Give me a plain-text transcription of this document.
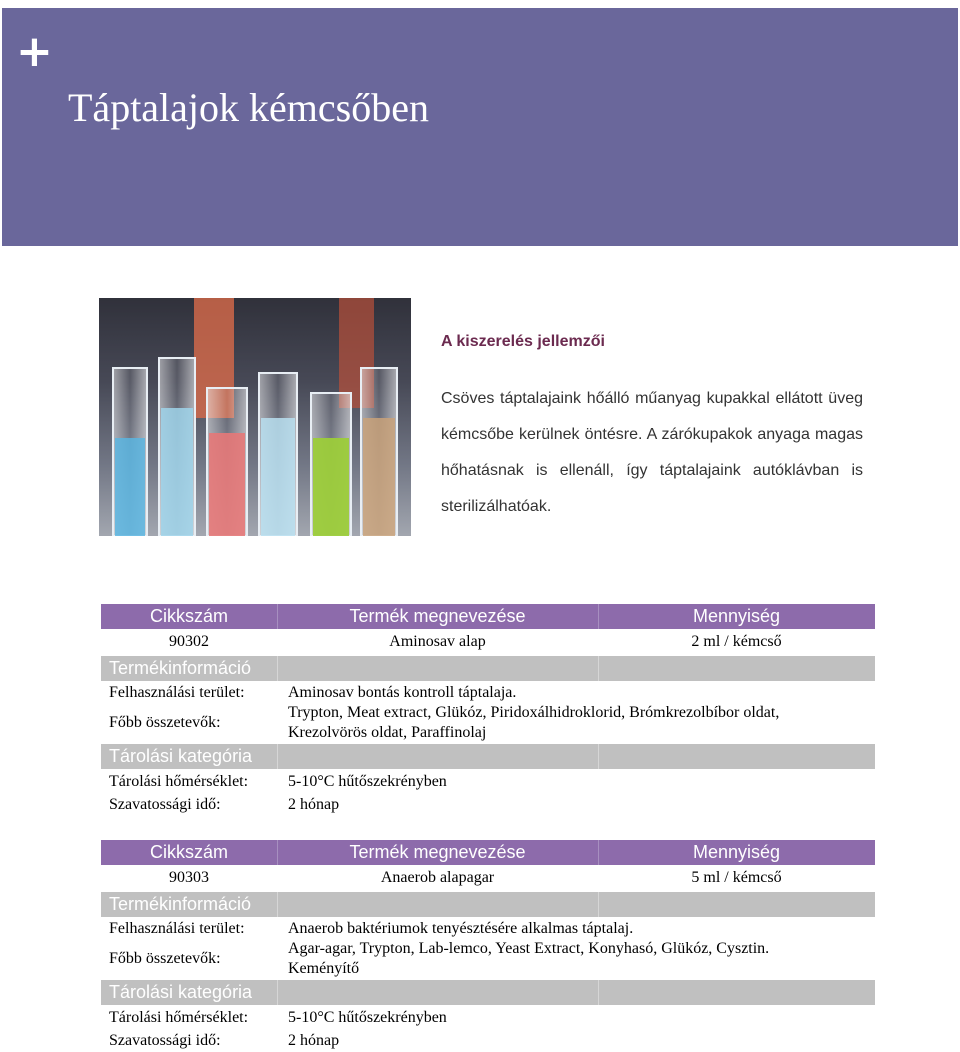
+
Táptalajok kémcsőben
A kiszerelés jellemzői
Csöves táptalajaink hőálló műanyag kupakkal ellátott üveg kémcsőbe kerülnek öntésre. A zárókupakok anyaga magas hőhatásnak is ellenáll, így táptalajaink autóklávban is sterilizálhatóak.
Cikkszám	Termék megnevezése	Mennyiség
90302	Aminosav alap	2 ml / kémcső
Termékinformáció
Felhasználási terület:	Aminosav bontás kontroll táptalaja.
Főbb összetevők:
Trypton, Meat extract, Glükóz, Piridoxálhidroklorid, Brómkrezolbíbor oldat,
Krezolvörös oldat, Paraffinolaj
Tárolási kategória
Tárolási hőmérséklet: 5-10°C hűtőszekrényben
Szavatossági idő:	2 hónap
Cikkszám	Termék megnevezése	Mennyiség
90303	Anaerob alapagar	5 ml / kémcső
Termékinformáció
Felhasználási terület:	Anaerob baktériumok tenyésztésére alkalmas táptalaj.
Főbb összetevők:
Agar-agar, Trypton, Lab-lemco, Yeast Extract, Konyhasó, Glükóz, Cysztin.
Keményítő
Tárolási kategória
Tárolási hőmérséklet: 5-10°C hűtőszekrényben
Szavatossági idő:	2 hónap
